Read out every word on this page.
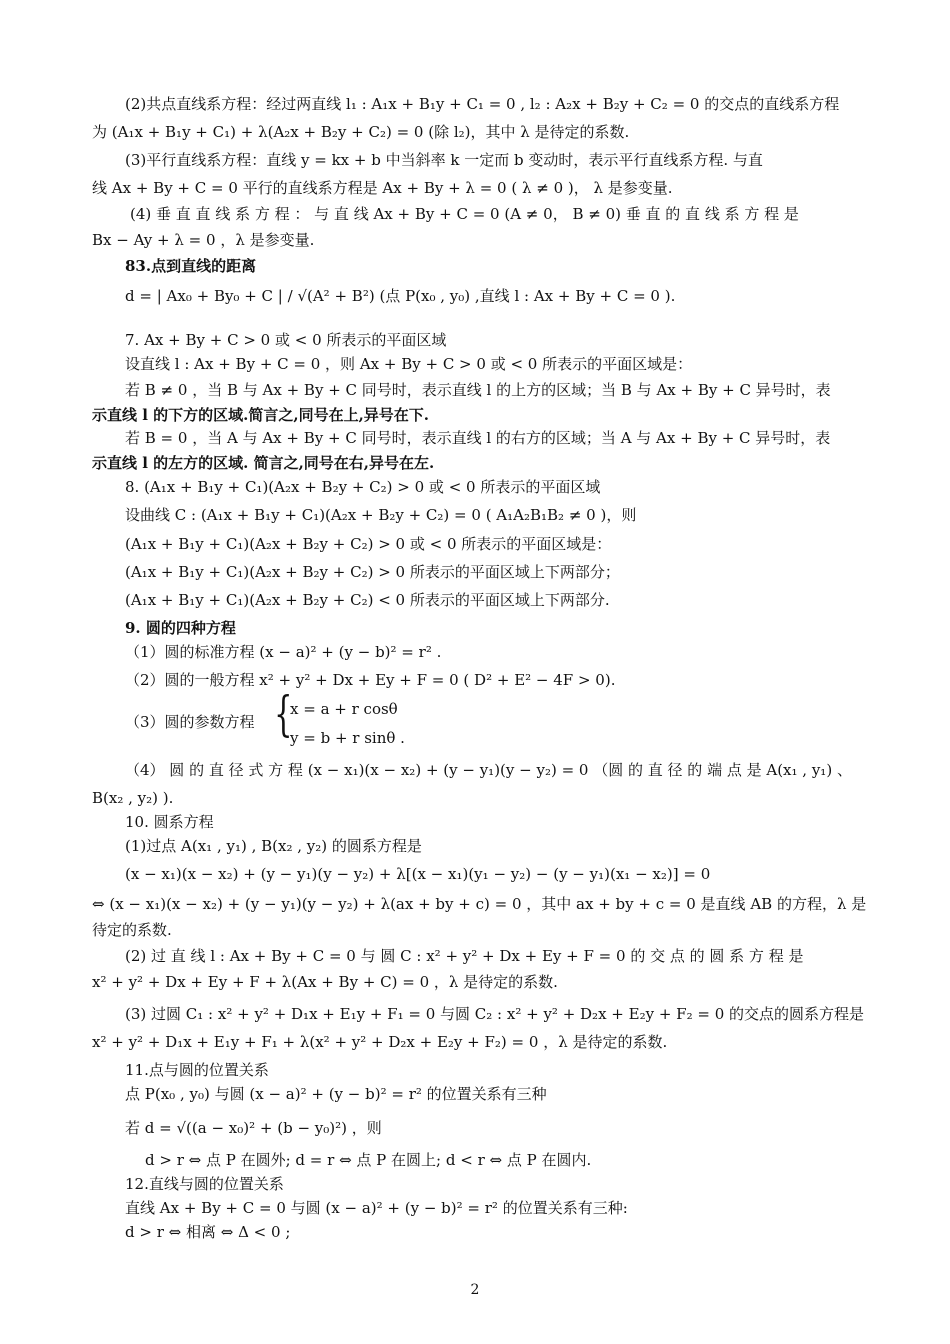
(2)共点直线系方程：经过两直线 l₁ : A₁x + B₁y + C₁ = 0 , l₂ : A₂x + B₂y + C₂ = 0 的交点的直线系方程
为 (A₁x + B₁y + C₁) + λ(A₂x + B₂y + C₂) = 0 (除 l₂)，其中 λ 是待定的系数.
(3)平行直线系方程：直线 y = kx + b 中当斜率 k 一定而 b 变动时，表示平行直线系方程. 与直
线 Ax + By + C = 0 平行的直线系方程是 Ax + By + λ = 0 ( λ ≠ 0 )， λ 是参变量.
(4) 垂 直 直 线 系 方 程 ： 与 直 线 Ax + By + C = 0 (A ≠ 0， B ≠ 0) 垂 直 的 直 线 系 方 程 是
Bx − Ay + λ = 0 ，λ 是参变量.
83.点到直线的距离
d = | Ax₀ + By₀ + C | / √(A² + B²) (点 P(x₀ , y₀) ,直线 l : Ax + By + C = 0 ).
7. Ax + By + C > 0 或 < 0 所表示的平面区域
设直线 l : Ax + By + C = 0 ，则 Ax + By + C > 0 或 < 0 所表示的平面区域是：
若 B ≠ 0 ，当 B 与 Ax + By + C 同号时，表示直线 l 的上方的区域；当 B 与 Ax + By + C 异号时，表
示直线 l 的下方的区域.简言之,同号在上,异号在下.
若 B = 0 ，当 A 与 Ax + By + C 同号时，表示直线 l 的右方的区域；当 A 与 Ax + By + C 异号时，表
示直线 l 的左方的区域. 简言之,同号在右,异号在左.
8. (A₁x + B₁y + C₁)(A₂x + B₂y + C₂) > 0 或 < 0 所表示的平面区域
设曲线 C : (A₁x + B₁y + C₁)(A₂x + B₂y + C₂) = 0 ( A₁A₂B₁B₂ ≠ 0 )，则
(A₁x + B₁y + C₁)(A₂x + B₂y + C₂) > 0 或 < 0 所表示的平面区域是：
(A₁x + B₁y + C₁)(A₂x + B₂y + C₂) > 0 所表示的平面区域上下两部分；
(A₁x + B₁y + C₁)(A₂x + B₂y + C₂) < 0 所表示的平面区域上下两部分.
9. 圆的四种方程
（1）圆的标准方程 (x − a)² + (y − b)² = r² .
（2）圆的一般方程 x² + y² + Dx + Ey + F = 0 ( D² + E² − 4F > 0).
（3）圆的参数方程 {
x = a + r cosθ
y = b + r sinθ .
（4） 圆 的 直 径 式 方 程 (x − x₁)(x − x₂) + (y − y₁)(y − y₂) = 0 （圆 的 直 径 的 端 点 是 A(x₁ , y₁) 、
B(x₂ , y₂) ).
10. 圆系方程
(1)过点 A(x₁ , y₁) , B(x₂ , y₂) 的圆系方程是
(x − x₁)(x − x₂) + (y − y₁)(y − y₂) + λ[(x − x₁)(y₁ − y₂) − (y − y₁)(x₁ − x₂)] = 0
⇔ (x − x₁)(x − x₂) + (y − y₁)(y − y₂) + λ(ax + by + c) = 0 ，其中 ax + by + c = 0 是直线 AB 的方程，λ 是
待定的系数.
(2) 过 直 线 l : Ax + By + C = 0 与 圆 C : x² + y² + Dx + Ey + F = 0 的 交 点 的 圆 系 方 程 是
x² + y² + Dx + Ey + F + λ(Ax + By + C) = 0 ，λ 是待定的系数.
(3) 过圆 C₁ : x² + y² + D₁x + E₁y + F₁ = 0 与圆 C₂ : x² + y² + D₂x + E₂y + F₂ = 0 的交点的圆系方程是
x² + y² + D₁x + E₁y + F₁ + λ(x² + y² + D₂x + E₂y + F₂) = 0 ，λ 是待定的系数.
11.点与圆的位置关系
点 P(x₀ , y₀) 与圆 (x − a)² + (y − b)² = r² 的位置关系有三种
若 d = √((a − x₀)² + (b − y₀)²) ，则
d > r ⇔ 点 P 在圆外; d = r ⇔ 点 P 在圆上; d < r ⇔ 点 P 在圆内.
12.直线与圆的位置关系
直线 Ax + By + C = 0 与圆 (x − a)² + (y − b)² = r² 的位置关系有三种:
d > r ⇔ 相离 ⇔ Δ < 0 ;
2
